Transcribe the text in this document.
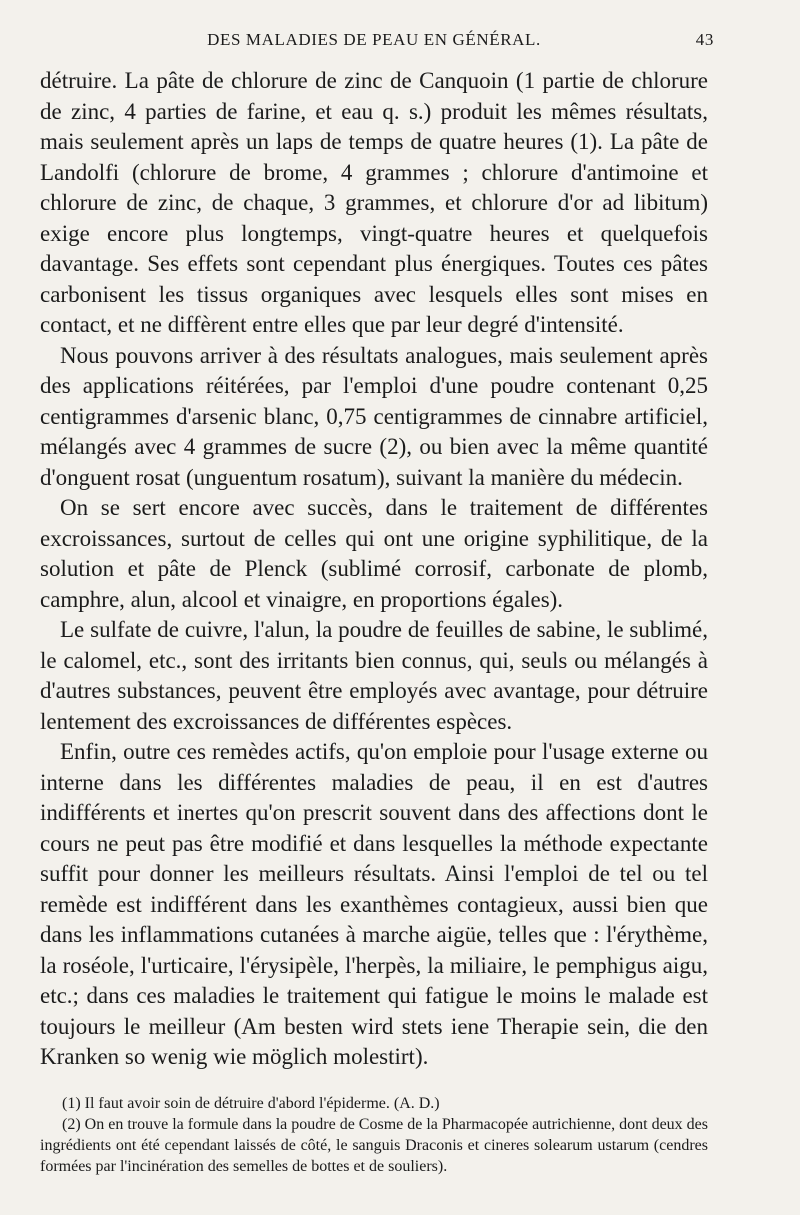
DES MALADIES DE PEAU EN GÉNÉRAL.	43

détruire. La pâte de chlorure de zinc de Canquoin (1 partie de chlorure de zinc, 4 parties de farine, et eau q. s.) produit les mêmes résultats, mais seulement après un laps de temps de quatre heures (1). La pâte de Landolfi (chlorure de brome, 4 grammes ; chlorure d'antimoine et chlorure de zinc, de chaque, 3 grammes, et chlorure d'or ad libitum) exige encore plus longtemps, vingt-quatre heures et quelquefois davantage. Ses effets sont cependant plus énergiques. Toutes ces pâtes carbonisent les tissus organiques avec lesquels elles sont mises en contact, et ne diffèrent entre elles que par leur degré d'intensité.

Nous pouvons arriver à des résultats analogues, mais seulement après des applications réitérées, par l'emploi d'une poudre contenant 0,25 centigrammes d'arsenic blanc, 0,75 centigrammes de cinnabre artificiel, mélangés avec 4 grammes de sucre (2), ou bien avec la même quantité d'onguent rosat (unguentum rosatum), suivant la manière du médecin.

On se sert encore avec succès, dans le traitement de différentes excroissances, surtout de celles qui ont une origine syphilitique, de la solution et pâte de Plenck (sublimé corrosif, carbonate de plomb, camphre, alun, alcool et vinaigre, en proportions égales).

Le sulfate de cuivre, l'alun, la poudre de feuilles de sabine, le sublimé, le calomel, etc., sont des irritants bien connus, qui, seuls ou mélangés à d'autres substances, peuvent être employés avec avantage, pour détruire lentement des excroissances de différentes espèces.

Enfin, outre ces remèdes actifs, qu'on emploie pour l'usage externe ou interne dans les différentes maladies de peau, il en est d'autres indifférents et inertes qu'on prescrit souvent dans des affections dont le cours ne peut pas être modifié et dans lesquelles la méthode expectante suffit pour donner les meilleurs résultats. Ainsi l'emploi de tel ou tel remède est indifférent dans les exanthèmes contagieux, aussi bien que dans les inflammations cutanées à marche aigüe, telles que : l'érythème, la roséole, l'urticaire, l'érysipèle, l'herpès, la miliaire, le pemphigus aigu, etc.; dans ces maladies le traitement qui fatigue le moins le malade est toujours le meilleur (Am besten wird stets iene Therapie sein, die den Kranken so wenig wie möglich molestirt).

(1) Il faut avoir soin de détruire d'abord l'épiderme. (A. D.)

(2) On en trouve la formule dans la poudre de Cosme de la Pharmacopée autrichienne, dont deux des ingrédients ont été cependant laissés de côté, le sanguis Draconis et cineres solearum ustarum (cendres formées par l'incinération des semelles de bottes et de souliers).
